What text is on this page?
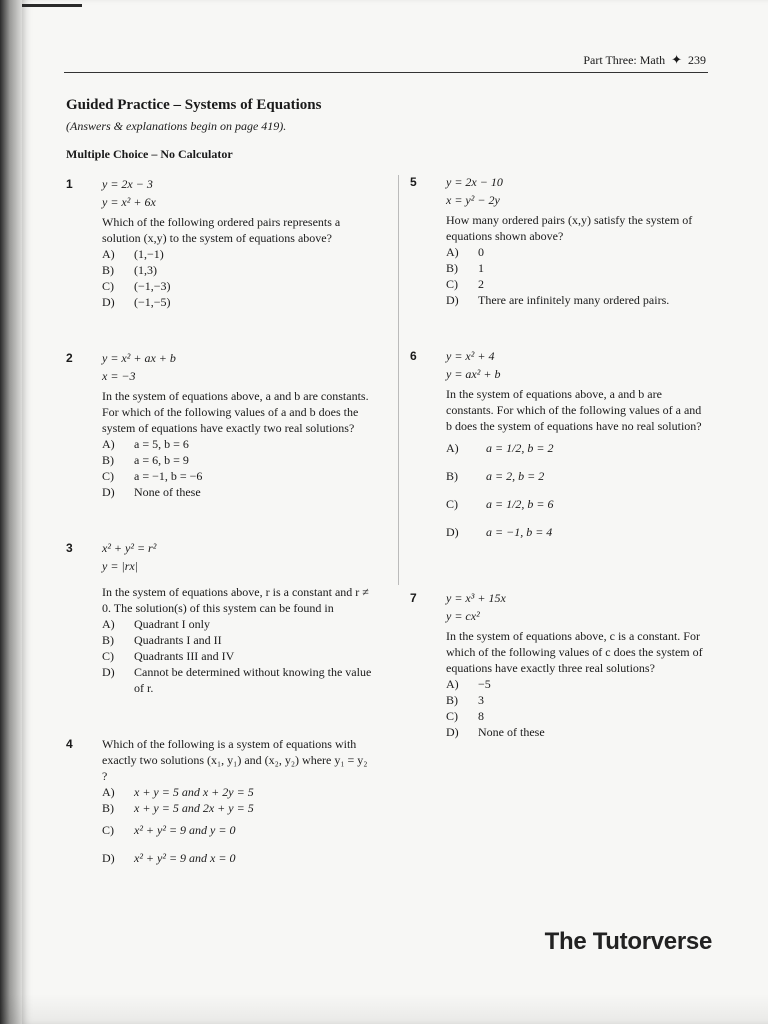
Part Three: Math ✦ 239
Guided Practice – Systems of Equations
(Answers & explanations begin on page 419).
Multiple Choice – No Calculator
1 y = 2x − 3
y = x² + 6x
Which of the following ordered pairs represents a solution (x,y) to the system of equations above?
A)	(1,−1)
B)	(1,3)
C)	(−1,−3)
D)	(−1,−5)
2 y = x² + ax + b
x = −3
In the system of equations above, a and b are constants. For which of the following values of a and b does the system of equations have exactly two real solutions?
A)	a = 5, b = 6
B)	a = 6, b = 9
C)	a = −1, b = −6
D)	None of these
3 x² + y² = r²
y = |rx|
In the system of equations above, r is a constant and r ≠ 0. The solution(s) of this system can be found in
A)	Quadrant I only
B)	Quadrants I and II
C)	Quadrants III and IV
D)	Cannot be determined without knowing the value of r.
4 Which of the following is a system of equations with exactly two solutions (x₁, y₁) and (x₂, y₂) where y₁ = y₂ ?
A)	x + y = 5 and x + 2y = 5
B)	x + y = 5 and 2x + y = 5
C)	x² + y² = 9 and y = 0
D)	x² + y² = 9 and x = 0
5 y = 2x − 10
x = y² − 2y
How many ordered pairs (x,y) satisfy the system of equations shown above?
A)	0
B)	1
C)	2
D)	There are infinitely many ordered pairs.
6 y = x² + 4
y = ax² + b
In the system of equations above, a and b are constants. For which of the following values of a and b does the system of equations have no real solution?
A)	a = 1/2, b = 2
B)	a = 2, b = 2
C)	a = 1/2, b = 6
D)	a = −1, b = 4
7 y = x³ + 15x
y = cx²
In the system of equations above, c is a constant. For which of the following values of c does the system of equations have exactly three real solutions?
A)	−5
B)	3
C)	8
D)	None of these
The Tutorverse
